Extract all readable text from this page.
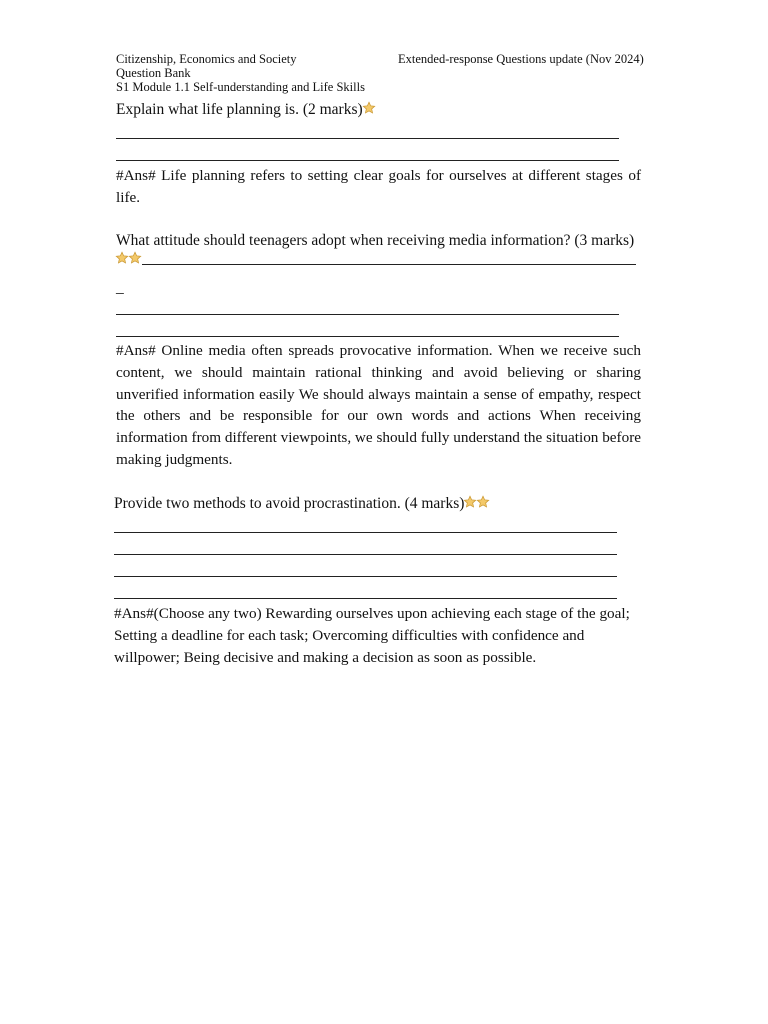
Citizenship, Economics and Society	Extended-response Questions update (Nov 2024)
Question Bank
S1 Module 1.1 Self-understanding and Life Skills
Explain what life planning is. (2 marks)
#Ans# Life planning refers to setting clear goals for ourselves at different stages of life.
What attitude should teenagers adopt when receiving media information? (3 marks)
_
#Ans# Online media often spreads provocative information. When we receive such content, we should maintain rational thinking and avoid believing or sharing unverified information easily We should always maintain a sense of empathy, respect the others and be responsible for our own words and actions When receiving information from different viewpoints, we should fully understand the situation before making judgments.
Provide two methods to avoid procrastination. (4 marks)
#Ans#(Choose any two) Rewarding ourselves upon achieving each stage of the goal; Setting a deadline for each task; Overcoming difficulties with confidence and willpower; Being decisive and making a decision as soon as possible.
